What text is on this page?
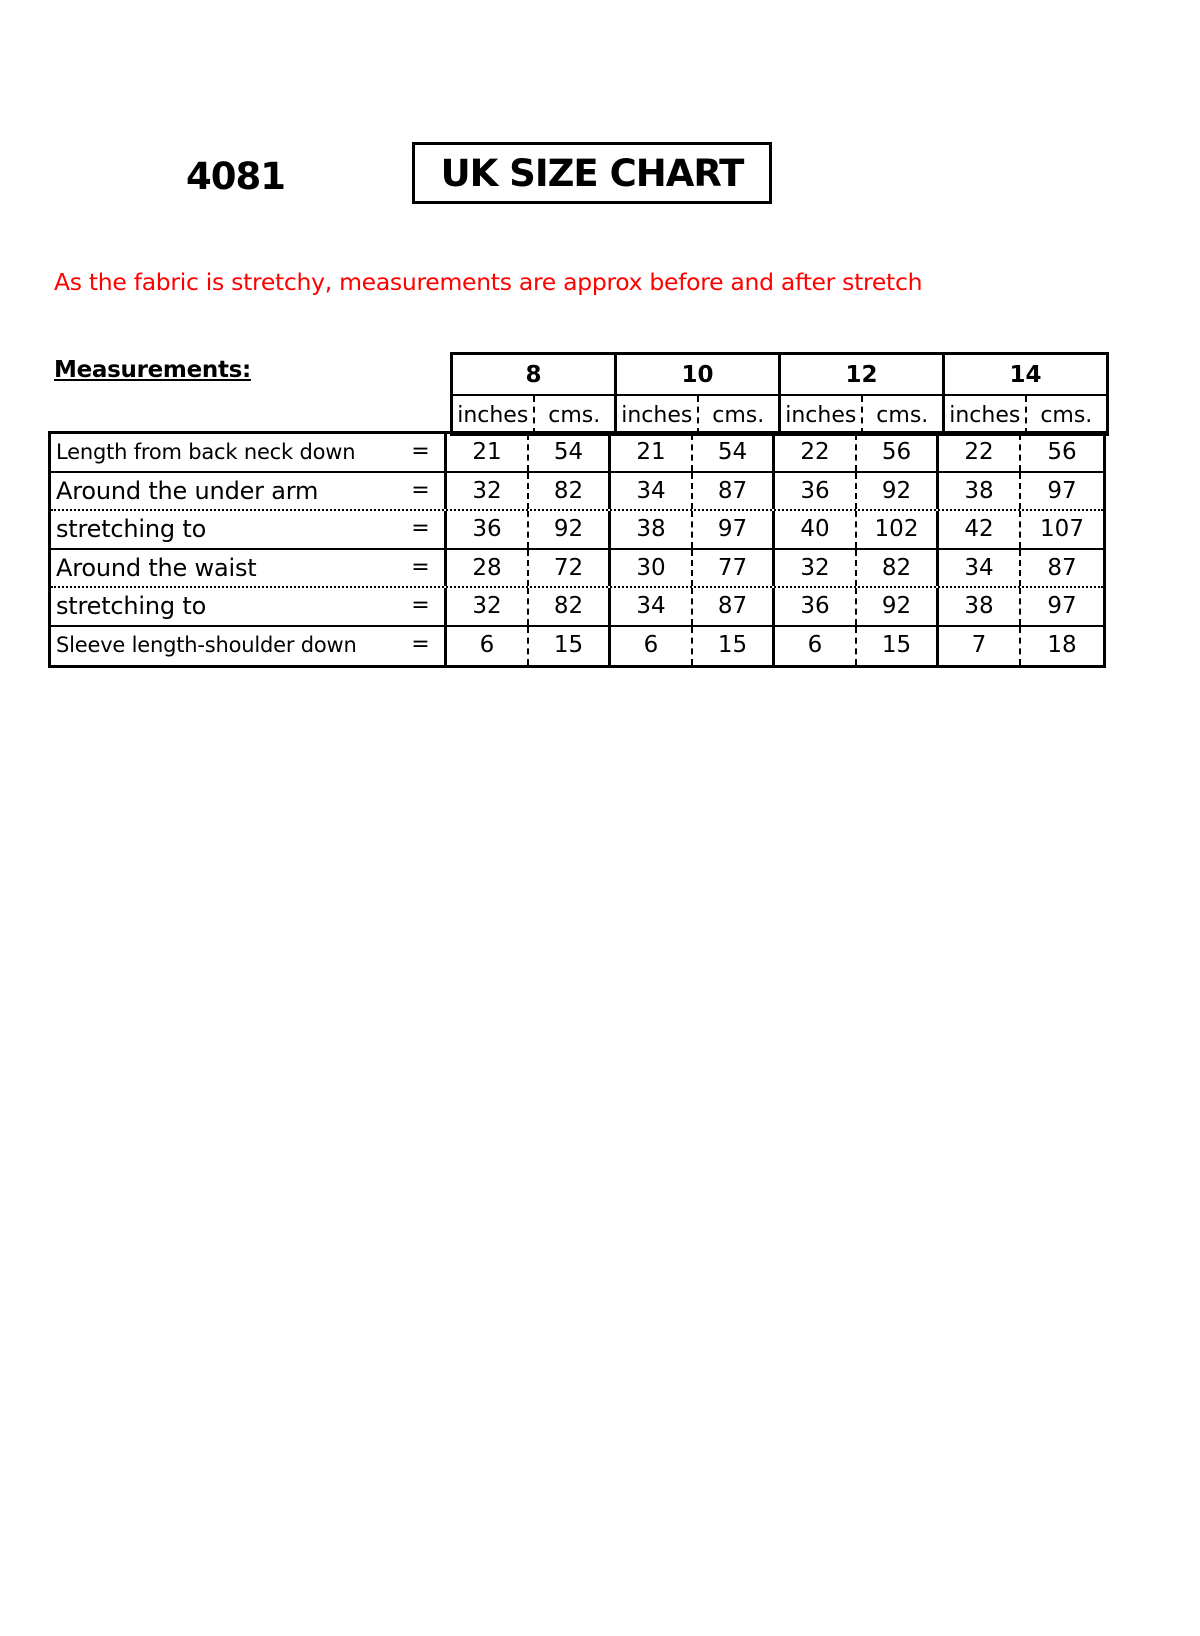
4081	UK SIZE CHART
As the fabric is stretchy, measurements are approx before and after stretch
Measurements:	8		10		12		14	
inches	cms.	inches	cms.	inches	cms.	inches	cms.
Length from back neck down	=	21	54	21	54	22	56	22	56
Around the under arm	=	32	82	34	87	36	92	38	97
stretching to	=	36	92	38	97	40	102	42	107
Around the waist	=	28	72	30	77	32	82	34	87
stretching to	=	32	82	34	87	36	92	38	97
Sleeve length-shoulder down	=	6	15	6	15	6	15	7	18
